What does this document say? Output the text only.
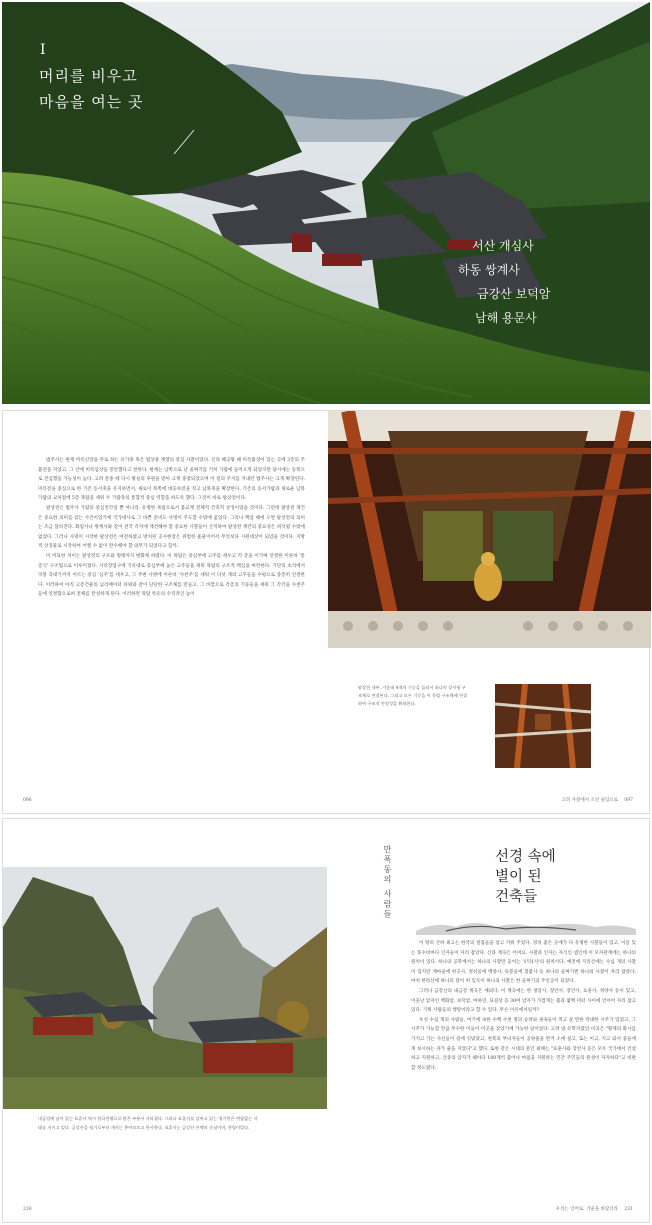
I
머리를 비우고
마음을 여는 곳
서산 개심사
하동 쌍계사
금강산 보덕암
남해 용문사

범주사는 현재 미륵신앙을 주로 하는 유가종 혹은 법상종 계열의 중심 사찰이었다. 신라 혜공왕 때 미륵불상이 있는 곳에 3층의 주불전을 지었고, 그 안에 미륵입상을 봉안했다고 전한다. 현재는 남쪽으로 난 골짜기를 거쳐 가람에 들어오게 되었지만 당시에는 동쪽으로 진입했을 가능성이 높다. 고려 문종 때 다시 왕실의 후원을 받아 크게 중창되었으며 이 절의 주지를 지내던 법주사는 크게 확장된다. 미륵전을 중심으로 한 기존 동서축을 유지하면서, 새로이 북쪽에 대웅보전을 짓고 남북축을 확장한다. 기존의 동서가람과 새로운 남북가람의 교차점에 5층 목탑을 세워 두 가람축의 통합적 중심 역할을 하도록 했다. 그것이 바로 팔상전이다.

팔상전은 법주사 가람의 중심전각일 뿐 아니라, 유명한 목탑으로서 불교계 전체적 건축적 상징이었을 것이다. 그런데 팔상전 재건은 중요한 의미를 갖는 사건이었기에 국가대사로 그 바쁜 준비도 사명이 주도할 수밖에 없었다. 그리나 백암 때에 오면 팔상전의 의미는 조금 달라진다. 화엄사나 쌍계사와 같이 전국 각지에 재건해야 할 중요한 사찰들이 산적하여 팔상전 재건의 중요성은 희석될 수밖에 없었다. 그러나 사명이 시작한 팔상전은 여전하였고 방치된 공사현장은 위험한 흉물이어서 무엇보다 시원대상이 되었을 것이다. 지방적 상징물로 시작하여 어쩔 수 없이 완수해야 할 의무가 되었다고 할까.

이 미묘한 차이는 팔상전의 구조와 형태까지 변화케 하였다. 이 목탑은 중심부에 고주를 세우고 각 층을 이가며 연결한 이른바 '통층식' 구조법으로 이루어졌다. 사리장엄구에 기록대로 중심부에 높은 고주들을 세워 목탑의 구조적 핵심을 마련한다. 기단의 초석에서 지붕 꼭대기까지 이르는 중심 '심주'를 세우고, 그 주변 사방에 이른바 '사천주'를 세워 이 다섯 개의 고주들을 수평으로 충층히 연결한다. 이러하여 아직 고층건물의 넘리베이터 타워와 같이 단단한 구조체를 만들고, 그 바깥으로 각층의 기둥들을 세워 그 각각을 사천주들에 연결함으로써 전체를 완성하게 된다. 이러하면 목탑 특유의 수직적인 높이

팔상전 내부. 가운데 4개의 기둥을 둘러서 하나의 상자형 구조체로 연결된다. 그리고 모든 기둥을 이 목탑 구조체에 연결하여 구조적 안정성을 확보한다.
096	고려 사찰에서 조선 필업으로 097
내금강에 남아 있는 표훈사 역시 한국전쟁으로 많은 부분이 사라졌다. 그러나 표훈사를 감싸고 있는 평기봉은 변함없는 자태를 자키고 있다. 금강산을 평기로부터 개사는 봉어모르고 한사한다. 표훈사는 금강산 산맥의 중심이며, 총림이었다.
만폭동의 사람들	선경 속에
별이 된
건축들

이 땅의 산하 최고는 한국의 절집들을 낳고 키워 주었다. 경치 좋은 곳에가 다 유명한 사찰들이 있고, 이름 있는 풍수비마다 인자들이 자리 잡았다. 산과 계곡은 어머요, 사찰과 인자는 자식인 셈인데 이 모자관계에는 하나의 원칙이 있다. 하나의 공복에서는 하나의 사찰만 들어는 '1덕1사'의 원칙이다. 예전에 지리산에는 수십 개의 사찰이 있지만 계마골에 한곳사, 정선골에 백종사, 독봉골에 칠불사 등 하나의 골짜기엔 하나의 사찰이 자리 잡았다. 마치 한라산에 하나의 달이 떠 있듯이 하나의 사찰은 한 골짜기의 주인공이 되었다.

그러나 금강산의 내금강 계곡은 예외다. 이 계곡에는 한 청암사, 장안사, 장안사, 표훈사, 정양사 등이 있고, 이웃난 암자인 백화암, 보덕암, 마하연, 묘길상 등 30여 암자가 가깝게는 불과 몇백 미터 사이에 언이어 자리 잡고 있다. 기획 사람들의 행랑이라고 할 수 있다. 무슨 이유에서일까?

우선 수십 개의 사람들, 여기에 속한 수백 수천 명의 승려와 권속들이 먹고 살 만한 막대한 시주가 있었고, 그 시주가 가능할 만큼 무수한 이들이 이곳을 찾았기에 가능한 일이었다. 고려 말 유학자였던 이곡은 "황제의 화사를 가지고 가는 사신들이 길에 잇닿았고, 천북의 부녀자들이 공양물을 반겨 소에 실고, 또는 이고, 지고 와서 중들에게 보시하는 자가 줄을 지었다"고 했다. 또한 같은 시대의 문인 최해는 "표훈사와 장안사 등은 모두 국가에서 건설하고 지원하고, 산중의 암자가 헤아다 100개씩 불어나 마침을 지원하는 민간 주민들의 원성이 자자하다"고 비판할 정도였다.

230	우리는 언어로, 거울을 바랐더라 231
